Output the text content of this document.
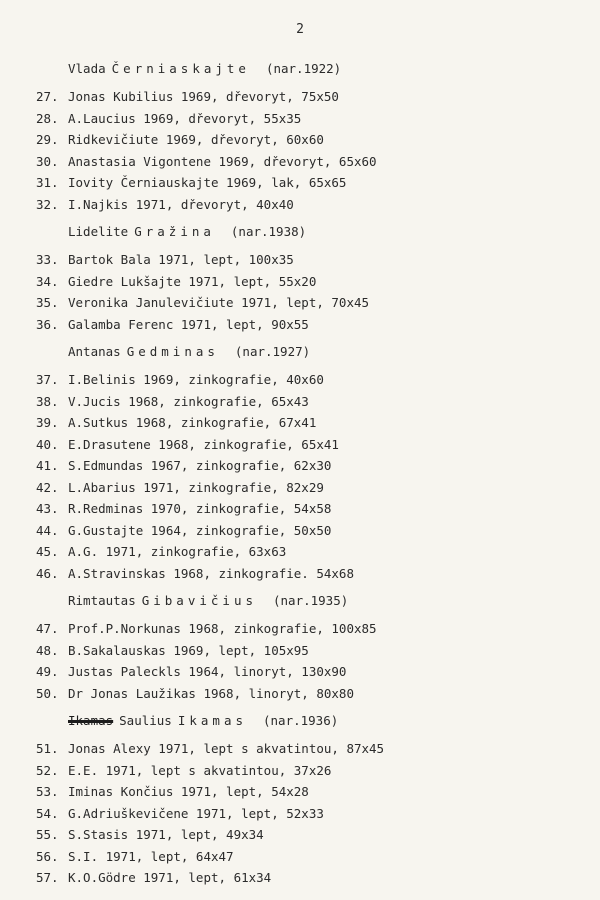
2
Vlada Černiaskajte (nar.1922)
27. Jonas Kubilius 1969, dřevoryt, 75x50
28. A.Laucius 1969, dřevoryt, 55x35
29. Ridkevičiute 1969, dřevoryt, 60x60
30. Anastasia Vigontene 1969, dřevoryt, 65x60
31. Iovity Černiauskajte 1969, lak, 65x65
32. I.Najkis 1971, dřevoryt, 40x40
Lidelite Gražina (nar.1938)
33. Bartok Bala 1971, lept, 100x35
34. Giedre Lukšajte 1971, lept, 55x20
35. Veronika Janulevičiute 1971, lept, 70x45
36. Galamba Ferenc 1971, lept, 90x55
Antanas Gedminas (nar.1927)
37. I.Belinis 1969, zinkografie, 40x60
38. V.Jucis 1968, zinkografie, 65x43
39. A.Sutkus 1968, zinkografie, 67x41
40. E.Drasutene 1968, zinkografie, 65x41
41. S.Edmundas 1967, zinkografie, 62x30
42. L.Abarius 1971, zinkografie, 82x29
43. R.Redminas 1970, zinkografie, 54x58
44. G.Gustajte 1964, zinkografie, 50x50
45. A.G. 1971, zinkografie, 63x63
46. A.Stravinskas 1968, zinkografie. 54x68
Rimtautas Gibavičius (nar.1935)
47. Prof.P.Norkunas 1968, zinkografie, 100x85
48. B.Sakalauskas 1969, lept, 105x95
49. Justas Paleckls 1964, linoryt, 130x90
50. Dr Jonas Laužikas 1968, linoryt, 80x80
Ikamas Saulius Ikamas (nar.1936)
51. Jonas Alexy 1971, lept s akvatintou, 87x45
52. E.E. 1971, lept s akvatintou, 37x26
53. Iminas Končius 1971, lept, 54x28
54. G.Adriuškevičene 1971, lept, 52x33
55. S.Stasis 1971, lept, 49x34
56. S.I. 1971, lept, 64x47
57. K.O.Gödre 1971, lept, 61x34
